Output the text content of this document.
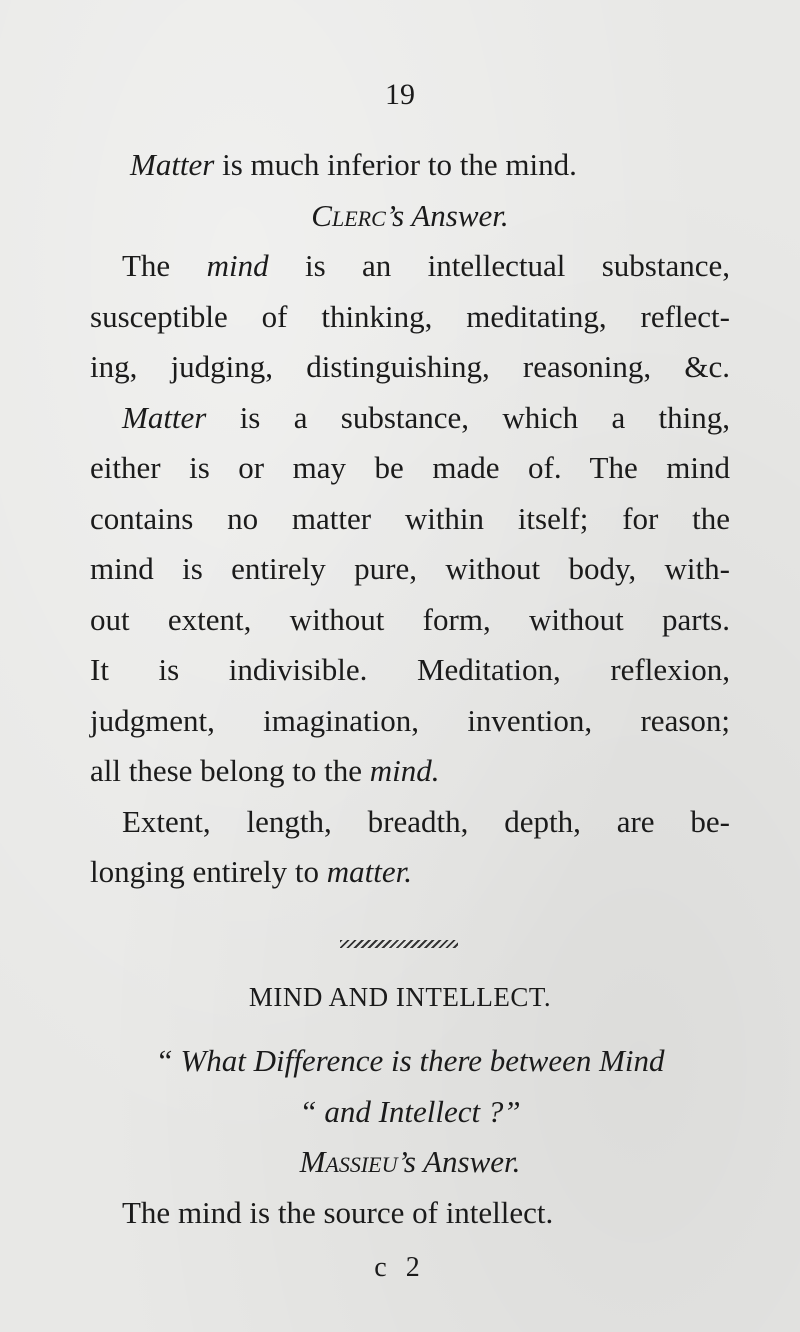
19
Matter is much inferior to the mind.
Clerc’s Answer.
The mind is an intellectual substance,
susceptible of thinking, meditating, reflect-
ing, judging, distinguishing, reasoning, &c.
Matter is a substance, which a thing,
either is or may be made of. The mind
contains no matter within itself; for the
mind is entirely pure, without body, with-
out extent, without form, without parts.
It is indivisible. Meditation, reflexion,
judgment, imagination, invention, reason;
all these belong to the mind.
Extent, length, breadth, depth, are be-
longing entirely to matter.
MIND AND INTELLECT.
“ What Difference is there between Mind
“ and Intellect ?”
Massieu’s Answer.
The mind is the source of intellect.
c 2
